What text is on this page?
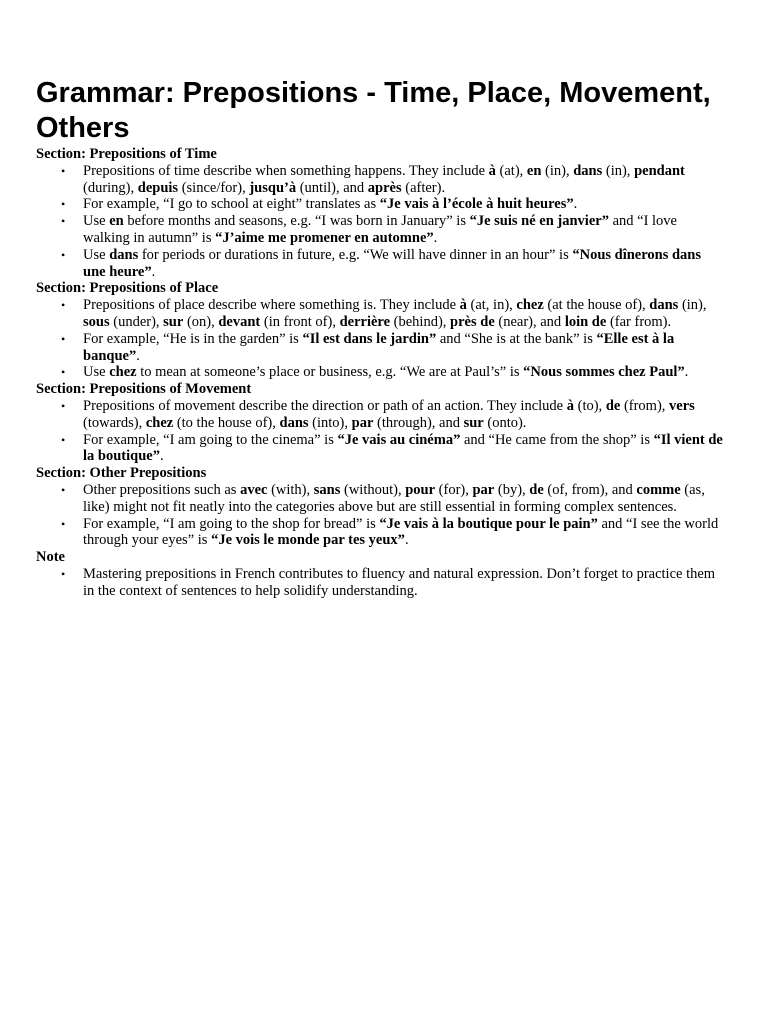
Grammar: Prepositions - Time, Place, Movement, Others
Section: Prepositions of Time
• Prepositions of time describe when something happens. They include à (at), en (in), dans (in), pendant (during), depuis (since/for), jusqu’à (until), and après (after).
• For example, “I go to school at eight” translates as “Je vais à l’école à huit heures”.
• Use en before months and seasons, e.g. “I was born in January” is “Je suis né en janvier” and “I love walking in autumn” is “J’aime me promener en automne”.
• Use dans for periods or durations in future, e.g. “We will have dinner in an hour” is “Nous dînerons dans une heure”.
Section: Prepositions of Place
• Prepositions of place describe where something is. They include à (at, in), chez (at the house of), dans (in), sous (under), sur (on), devant (in front of), derrière (behind), près de (near), and loin de (far from).
• For example, “He is in the garden” is “Il est dans le jardin” and “She is at the bank” is “Elle est à la banque”.
• Use chez to mean at someone’s place or business, e.g. “We are at Paul’s” is “Nous sommes chez Paul”.
Section: Prepositions of Movement
• Prepositions of movement describe the direction or path of an action. They include à (to), de (from), vers (towards), chez (to the house of), dans (into), par (through), and sur (onto).
• For example, “I am going to the cinema” is “Je vais au cinéma” and “He came from the shop” is “Il vient de la boutique”.
Section: Other Prepositions
• Other prepositions such as avec (with), sans (without), pour (for), par (by), de (of, from), and comme (as, like) might not fit neatly into the categories above but are still essential in forming complex sentences.
• For example, “I am going to the shop for bread” is “Je vais à la boutique pour le pain” and “I see the world through your eyes” is “Je vois le monde par tes yeux”.
Note
• Mastering prepositions in French contributes to fluency and natural expression. Don’t forget to practice them in the context of sentences to help solidify understanding.
